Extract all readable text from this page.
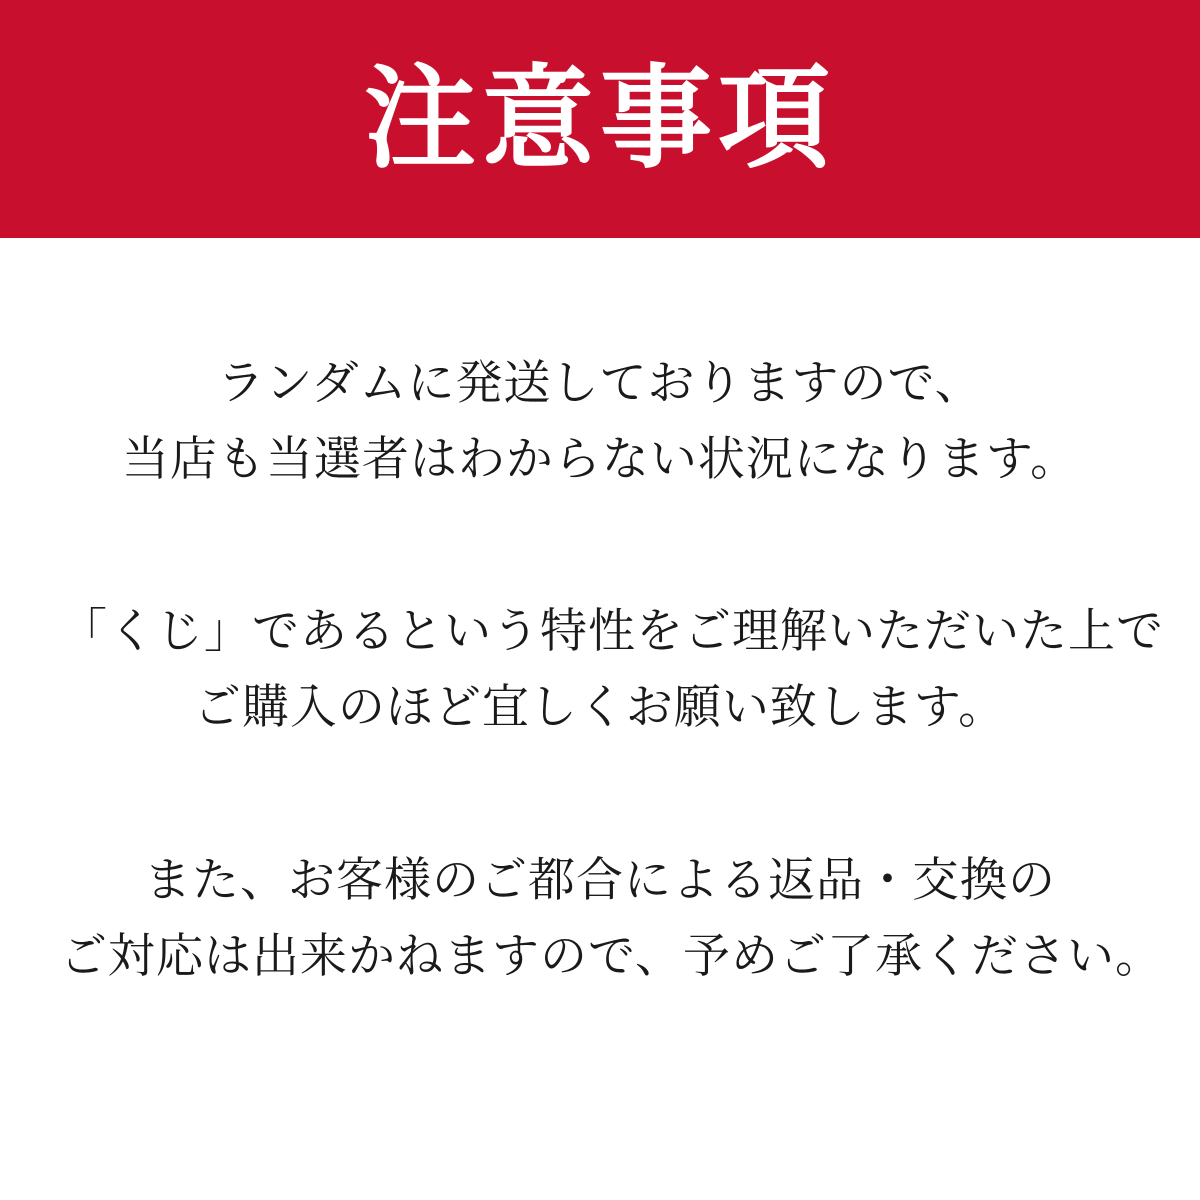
注意事項
ランダムに発送しておりますので、
当店も当選者はわからない状況になります。
「くじ」であるという特性をご理解いただいた上で
ご購入のほど宜しくお願い致します。
また、お客様のご都合による返品・交換の
ご対応は出来かねますので、予めご了承ください。
